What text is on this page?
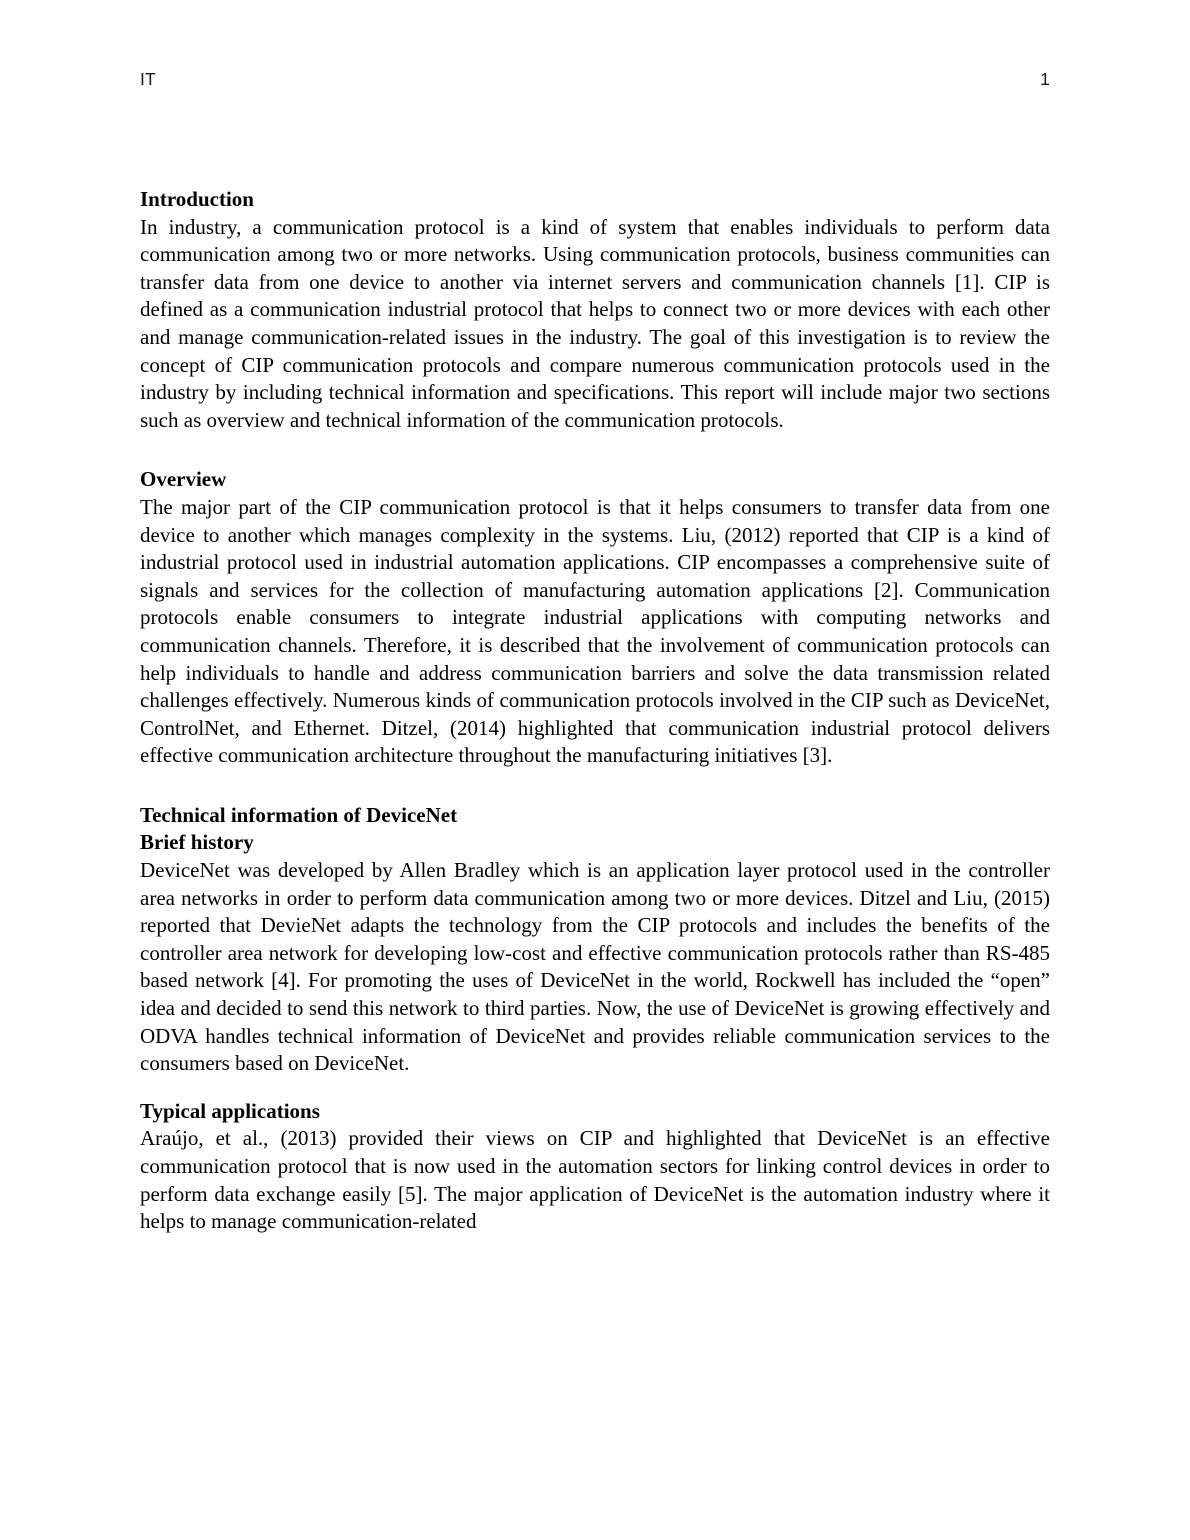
IT	1
Introduction

In industry, a communication protocol is a kind of system that enables individuals to perform data communication among two or more networks. Using communication protocols, business communities can transfer data from one device to another via internet servers and communication channels [1]. CIP is defined as a communication industrial protocol that helps to connect two or more devices with each other and manage communication-related issues in the industry. The goal of this investigation is to review the concept of CIP communication protocols and compare numerous communication protocols used in the industry by including technical information and specifications. This report will include major two sections such as overview and technical information of the communication protocols.

Overview

The major part of the CIP communication protocol is that it helps consumers to transfer data from one device to another which manages complexity in the systems. Liu, (2012) reported that CIP is a kind of industrial protocol used in industrial automation applications. CIP encompasses a comprehensive suite of signals and services for the collection of manufacturing automation applications [2]. Communication protocols enable consumers to integrate industrial applications with computing networks and communication channels. Therefore, it is described that the involvement of communication protocols can help individuals to handle and address communication barriers and solve the data transmission related challenges effectively. Numerous kinds of communication protocols involved in the CIP such as DeviceNet, ControlNet, and Ethernet. Ditzel, (2014) highlighted that communication industrial protocol delivers effective communication architecture throughout the manufacturing initiatives [3].

Technical information of DeviceNet
Brief history

DeviceNet was developed by Allen Bradley which is an application layer protocol used in the controller area networks in order to perform data communication among two or more devices. Ditzel and Liu, (2015) reported that DevieNet adapts the technology from the CIP protocols and includes the benefits of the controller area network for developing low-cost and effective communication protocols rather than RS-485 based network [4]. For promoting the uses of DeviceNet in the world, Rockwell has included the “open” idea and decided to send this network to third parties. Now, the use of DeviceNet is growing effectively and ODVA handles technical information of DeviceNet and provides reliable communication services to the consumers based on DeviceNet.

Typical applications

Araújo, et al., (2013) provided their views on CIP and highlighted that DeviceNet is an effective communication protocol that is now used in the automation sectors for linking control devices in order to perform data exchange easily [5]. The major application of DeviceNet is the automation industry where it helps to manage communication-related
